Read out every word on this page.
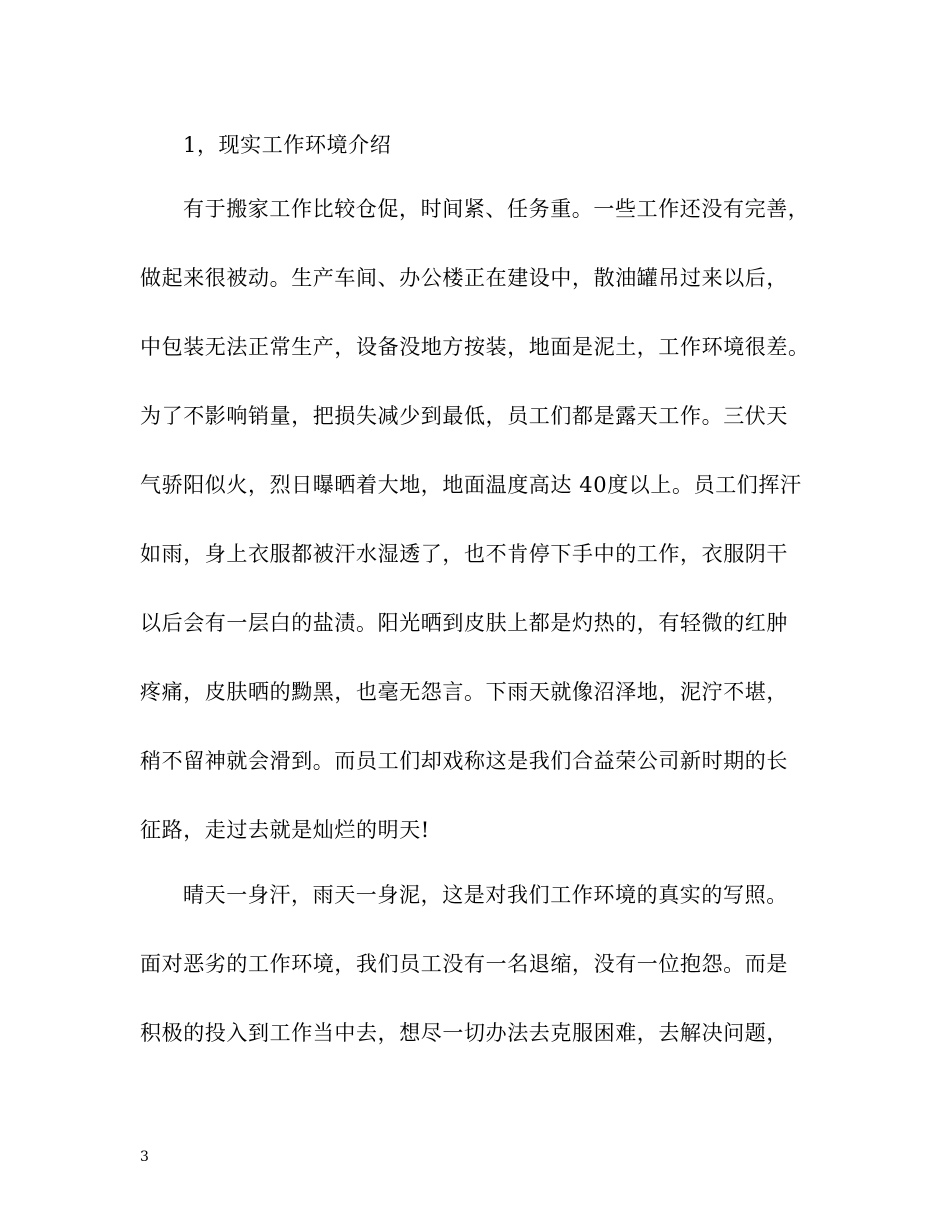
1，现实工作环境介绍
有于搬家工作比较仓促，时间紧、任务重。一些工作还没有完善，
做起来很被动。生产车间、办公楼正在建设中，散油罐吊过来以后，
中包装无法正常生产，设备没地方按装，地面是泥土，工作环境很差。
为了不影响销量，把损失减少到最低，员工们都是露天工作。三伏天
气骄阳似火，烈日曝晒着大地，地面温度高达 40度以上。员工们挥汗
如雨，身上衣服都被汗水湿透了，也不肯停下手中的工作，衣服阴干
以后会有一层白的盐渍。阳光晒到皮肤上都是灼热的，有轻微的红肿
疼痛，皮肤晒的黝黑，也毫无怨言。下雨天就像沼泽地，泥泞不堪，
稍不留神就会滑到。而员工们却戏称这是我们合益荣公司新时期的长
征路，走过去就是灿烂的明天!
晴天一身汗，雨天一身泥，这是对我们工作环境的真实的写照。
面对恶劣的工作环境，我们员工没有一名退缩，没有一位抱怨。而是
积极的投入到工作当中去，想尽一切办法去克服困难，去解决问题，
3
